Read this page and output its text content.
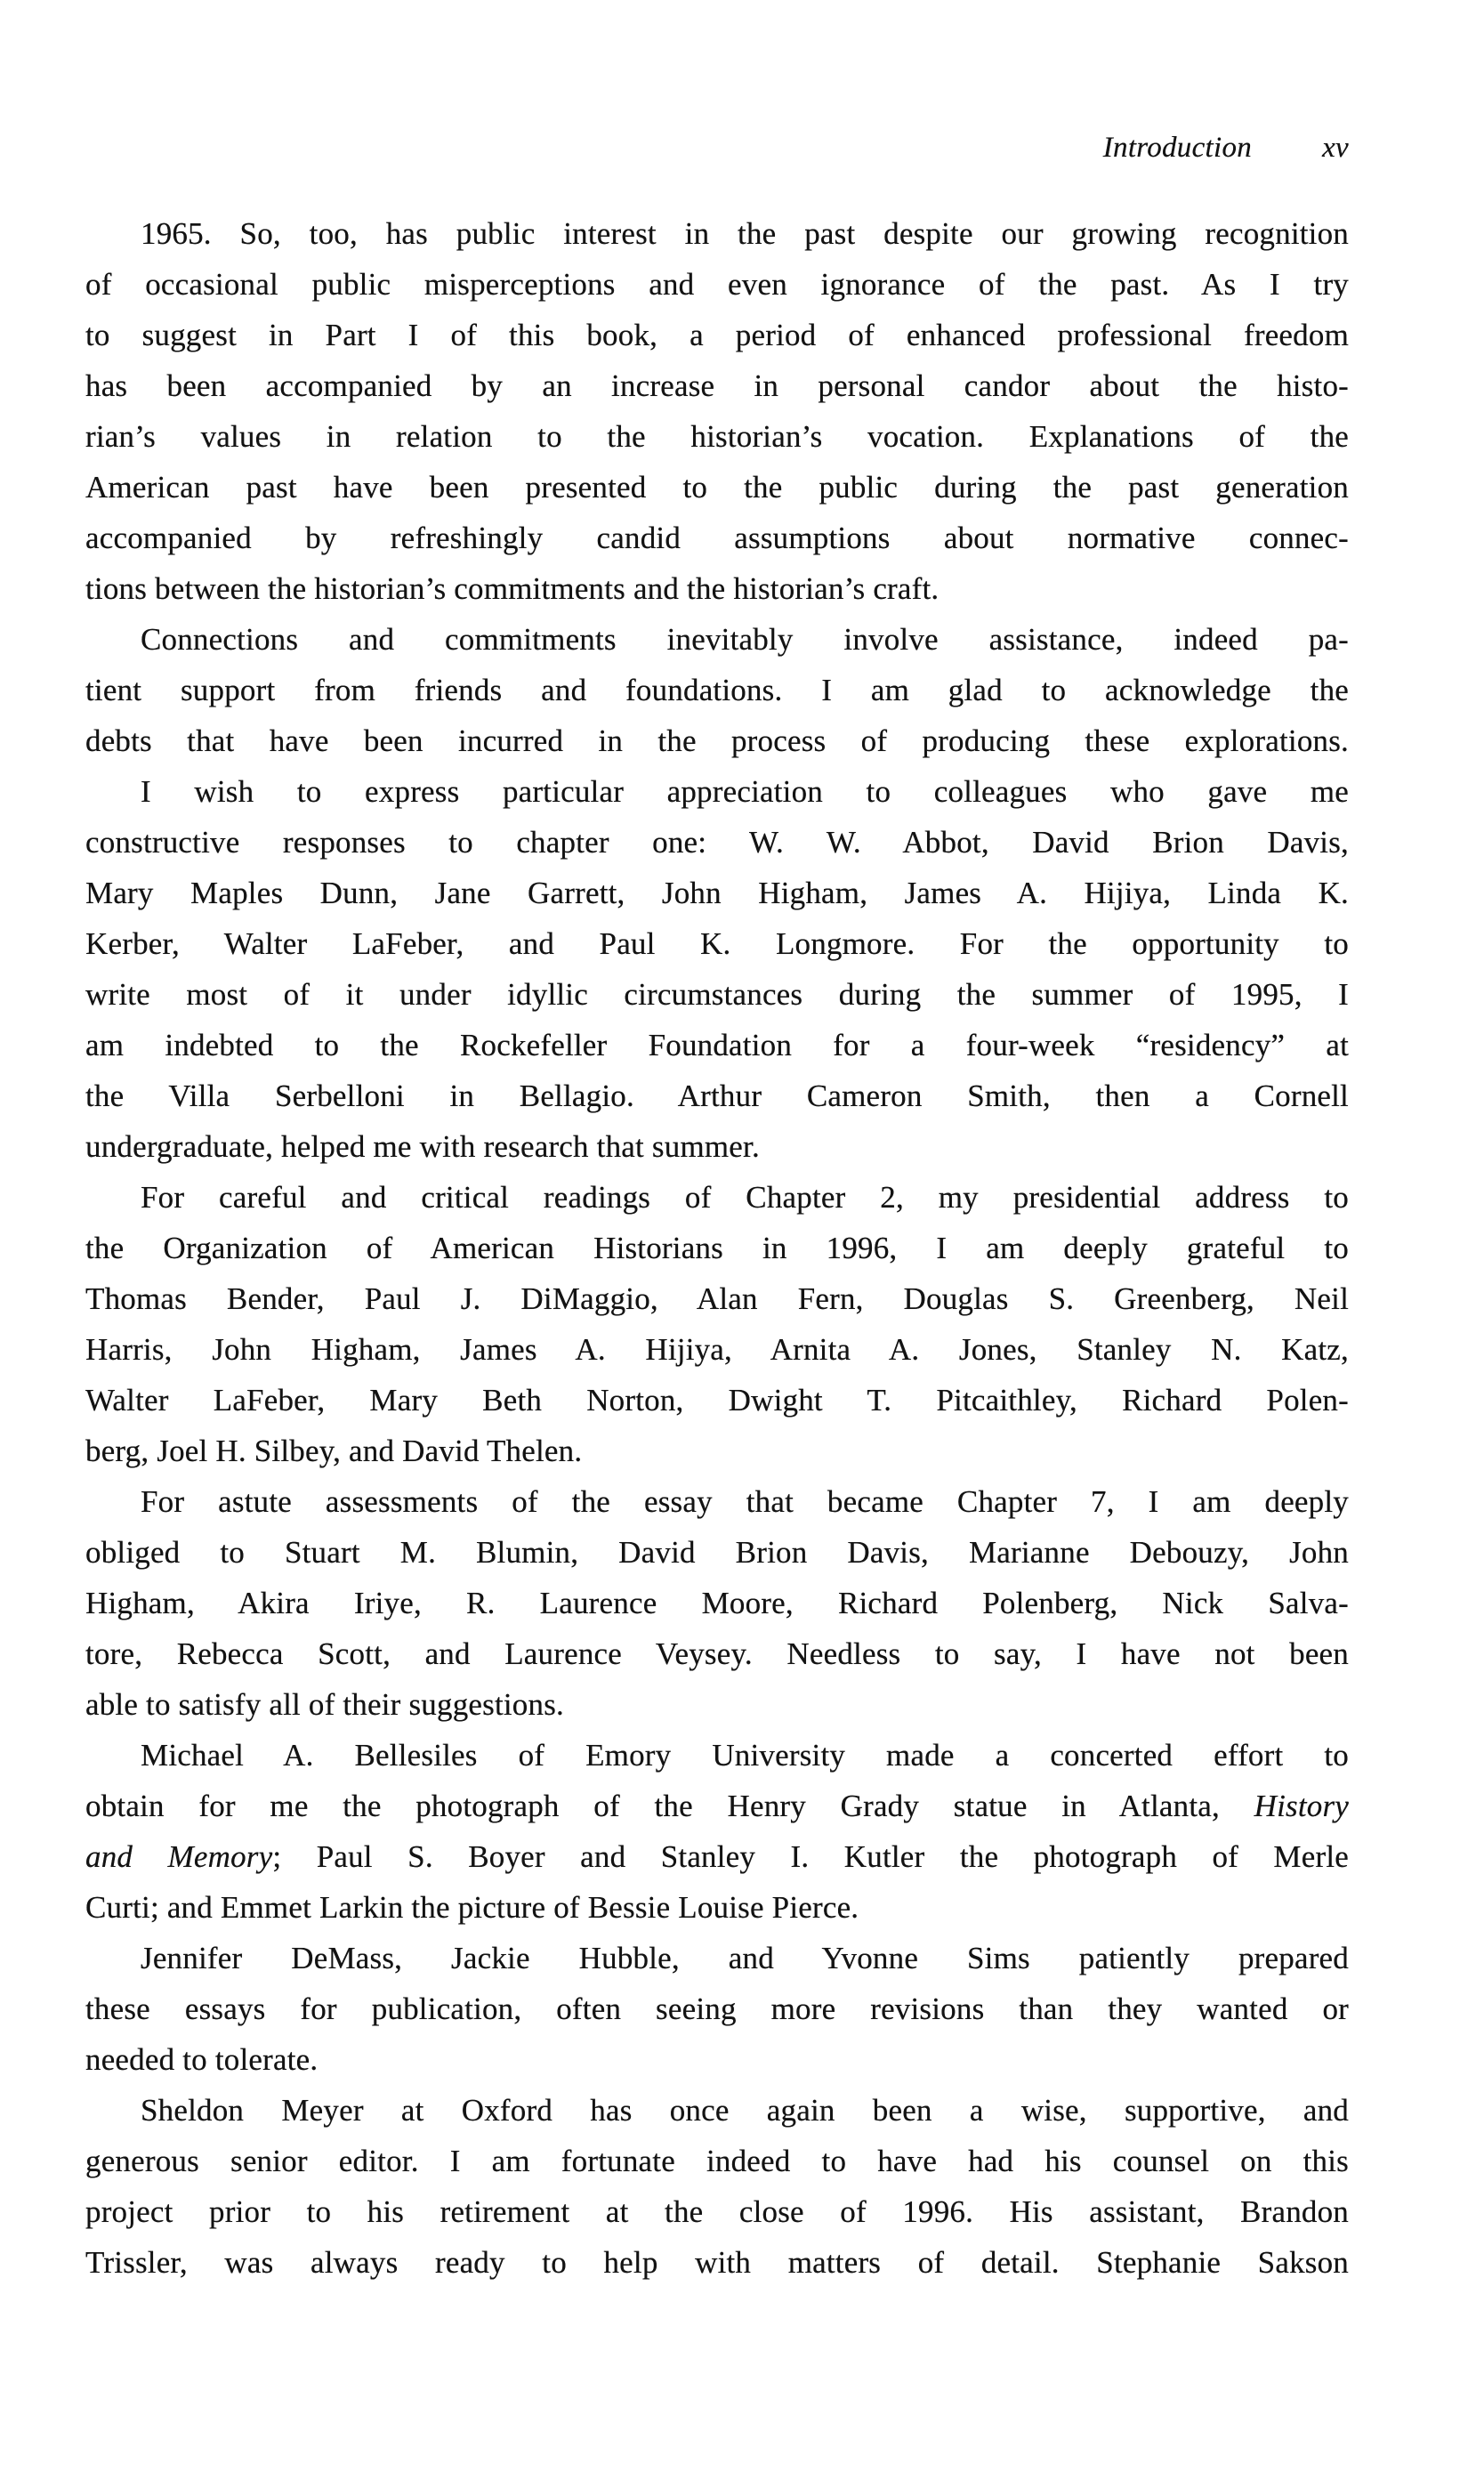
Introduction xv
1965. So, too, has public interest in the past despite our growing recognition
of occasional public misperceptions and even ignorance of the past. As I try
to suggest in Part I of this book, a period of enhanced professional freedom
has been accompanied by an increase in personal candor about the histo-
rian’s values in relation to the historian’s vocation. Explanations of the
American past have been presented to the public during the past generation
accompanied by refreshingly candid assumptions about normative connec-
tions between the historian’s commitments and the historian’s craft.
Connections and commitments inevitably involve assistance, indeed pa-
tient support from friends and foundations. I am glad to acknowledge the
debts that have been incurred in the process of producing these explorations.
I wish to express particular appreciation to colleagues who gave me
constructive responses to chapter one: W. W. Abbot, David Brion Davis,
Mary Maples Dunn, Jane Garrett, John Higham, James A. Hijiya, Linda K.
Kerber, Walter LaFeber, and Paul K. Longmore. For the opportunity to
write most of it under idyllic circumstances during the summer of 1995, I
am indebted to the Rockefeller Foundation for a four-week “residency” at
the Villa Serbelloni in Bellagio. Arthur Cameron Smith, then a Cornell
undergraduate, helped me with research that summer.
For careful and critical readings of Chapter 2, my presidential address to
the Organization of American Historians in 1996, I am deeply grateful to
Thomas Bender, Paul J. DiMaggio, Alan Fern, Douglas S. Greenberg, Neil
Harris, John Higham, James A. Hijiya, Arnita A. Jones, Stanley N. Katz,
Walter LaFeber, Mary Beth Norton, Dwight T. Pitcaithley, Richard Polen-
berg, Joel H. Silbey, and David Thelen.
For astute assessments of the essay that became Chapter 7, I am deeply
obliged to Stuart M. Blumin, David Brion Davis, Marianne Debouzy, John
Higham, Akira Iriye, R. Laurence Moore, Richard Polenberg, Nick Salva-
tore, Rebecca Scott, and Laurence Veysey. Needless to say, I have not been
able to satisfy all of their suggestions.
Michael A. Bellesiles of Emory University made a concerted effort to
obtain for me the photograph of the Henry Grady statue in Atlanta, History
and Memory; Paul S. Boyer and Stanley I. Kutler the photograph of Merle
Curti; and Emmet Larkin the picture of Bessie Louise Pierce.
Jennifer DeMass, Jackie Hubble, and Yvonne Sims patiently prepared
these essays for publication, often seeing more revisions than they wanted or
needed to tolerate.
Sheldon Meyer at Oxford has once again been a wise, supportive, and
generous senior editor. I am fortunate indeed to have had his counsel on this
project prior to his retirement at the close of 1996. His assistant, Brandon
Trissler, was always ready to help with matters of detail. Stephanie Sakson
